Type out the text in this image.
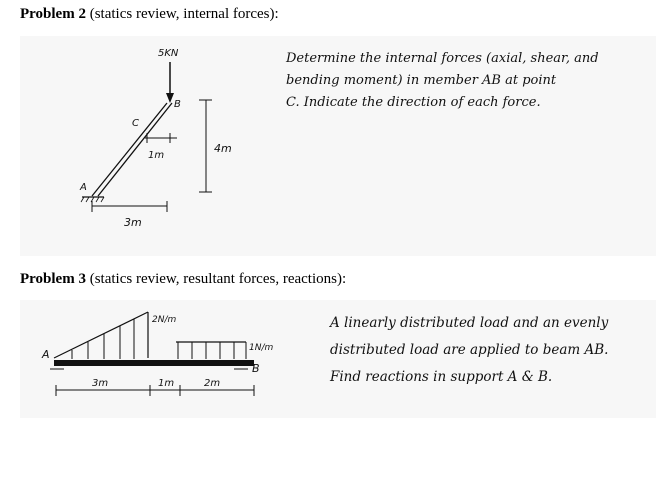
Problem 2 (statics review, internal forces):
5KN
B
C
A
1m
4m
3m
Determine the internal forces (axial, shear, and
bending moment) in member AB at point
C. Indicate the direction of each force.
Problem 3 (statics review, resultant forces, reactions):
A
B
2N/m
1N/m
3m	1m	2m
A linearly distributed load and an evenly
distributed load are applied to beam AB.
Find reactions in support A & B.
